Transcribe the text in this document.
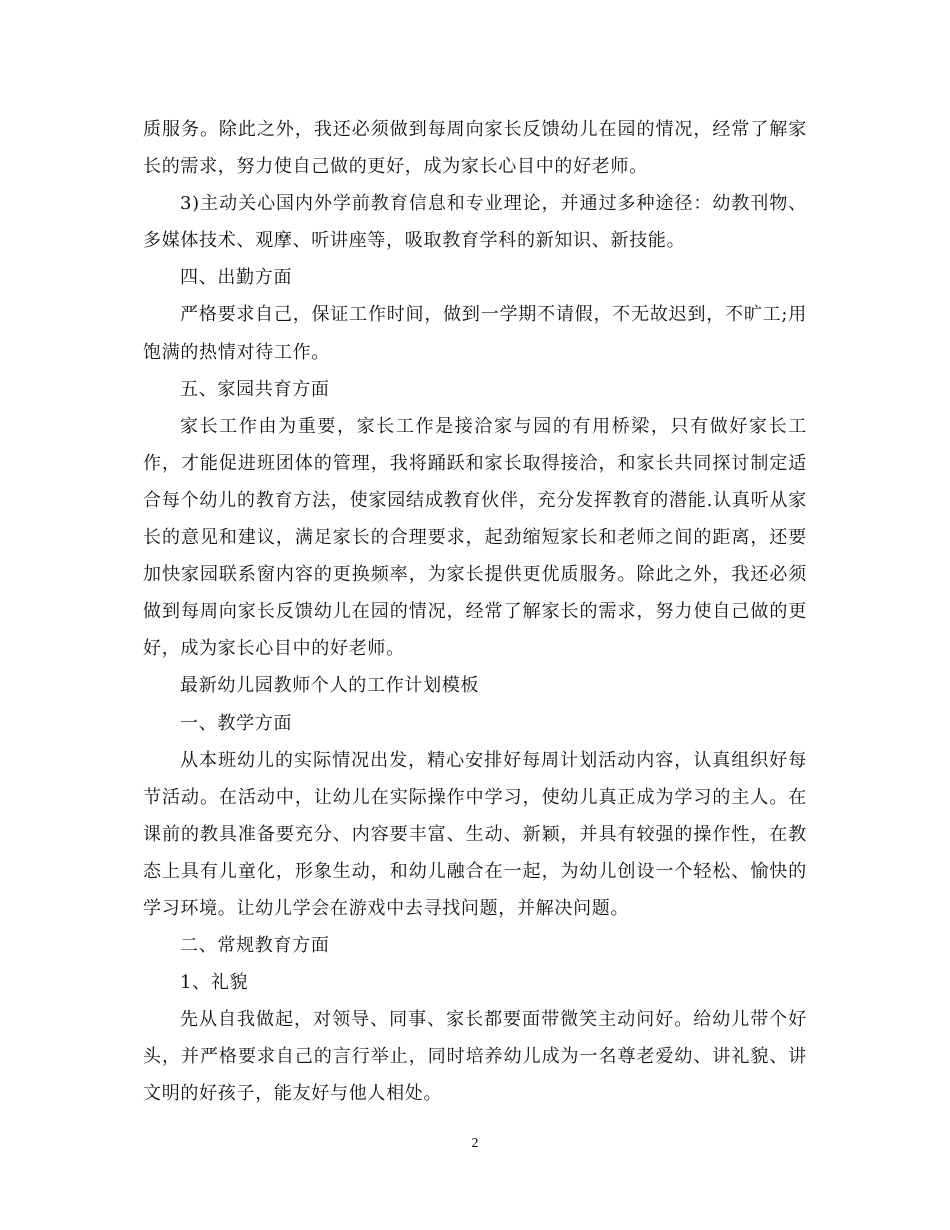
质服务。除此之外，我还必须做到每周向家长反馈幼儿在园的情况，经常了解家长的需求，努力使自己做的更好，成为家长心目中的好老师。

3)主动关心国内外学前教育信息和专业理论，并通过多种途径：幼教刊物、多媒体技术、观摩、听讲座等，吸取教育学科的新知识、新技能。

四、出勤方面

严格要求自己，保证工作时间，做到一学期不请假，不无故迟到，不旷工;用饱满的热情对待工作。

五、家园共育方面

家长工作由为重要，家长工作是接洽家与园的有用桥梁，只有做好家长工作，才能促进班团体的管理，我将踊跃和家长取得接洽，和家长共同探讨制定适合每个幼儿的教育方法，使家园结成教育伙伴，充分发挥教育的潜能.认真听从家长的意见和建议，满足家长的合理要求，起劲缩短家长和老师之间的距离，还要加快家园联系窗内容的更换频率，为家长提供更优质服务。除此之外，我还必须做到每周向家长反馈幼儿在园的情况，经常了解家长的需求，努力使自己做的更好，成为家长心目中的好老师。

最新幼儿园教师个人的工作计划模板

一、教学方面

从本班幼儿的实际情况出发，精心安排好每周计划活动内容，认真组织好每节活动。在活动中，让幼儿在实际操作中学习，使幼儿真正成为学习的主人。在课前的教具准备要充分、内容要丰富、生动、新颖，并具有较强的操作性，在教态上具有儿童化，形象生动，和幼儿融合在一起，为幼儿创设一个轻松、愉快的学习环境。让幼儿学会在游戏中去寻找问题，并解决问题。

二、常规教育方面

1、礼貌

先从自我做起，对领导、同事、家长都要面带微笑主动问好。给幼儿带个好头，并严格要求自己的言行举止，同时培养幼儿成为一名尊老爱幼、讲礼貌、讲文明的好孩子，能友好与他人相处。

2
